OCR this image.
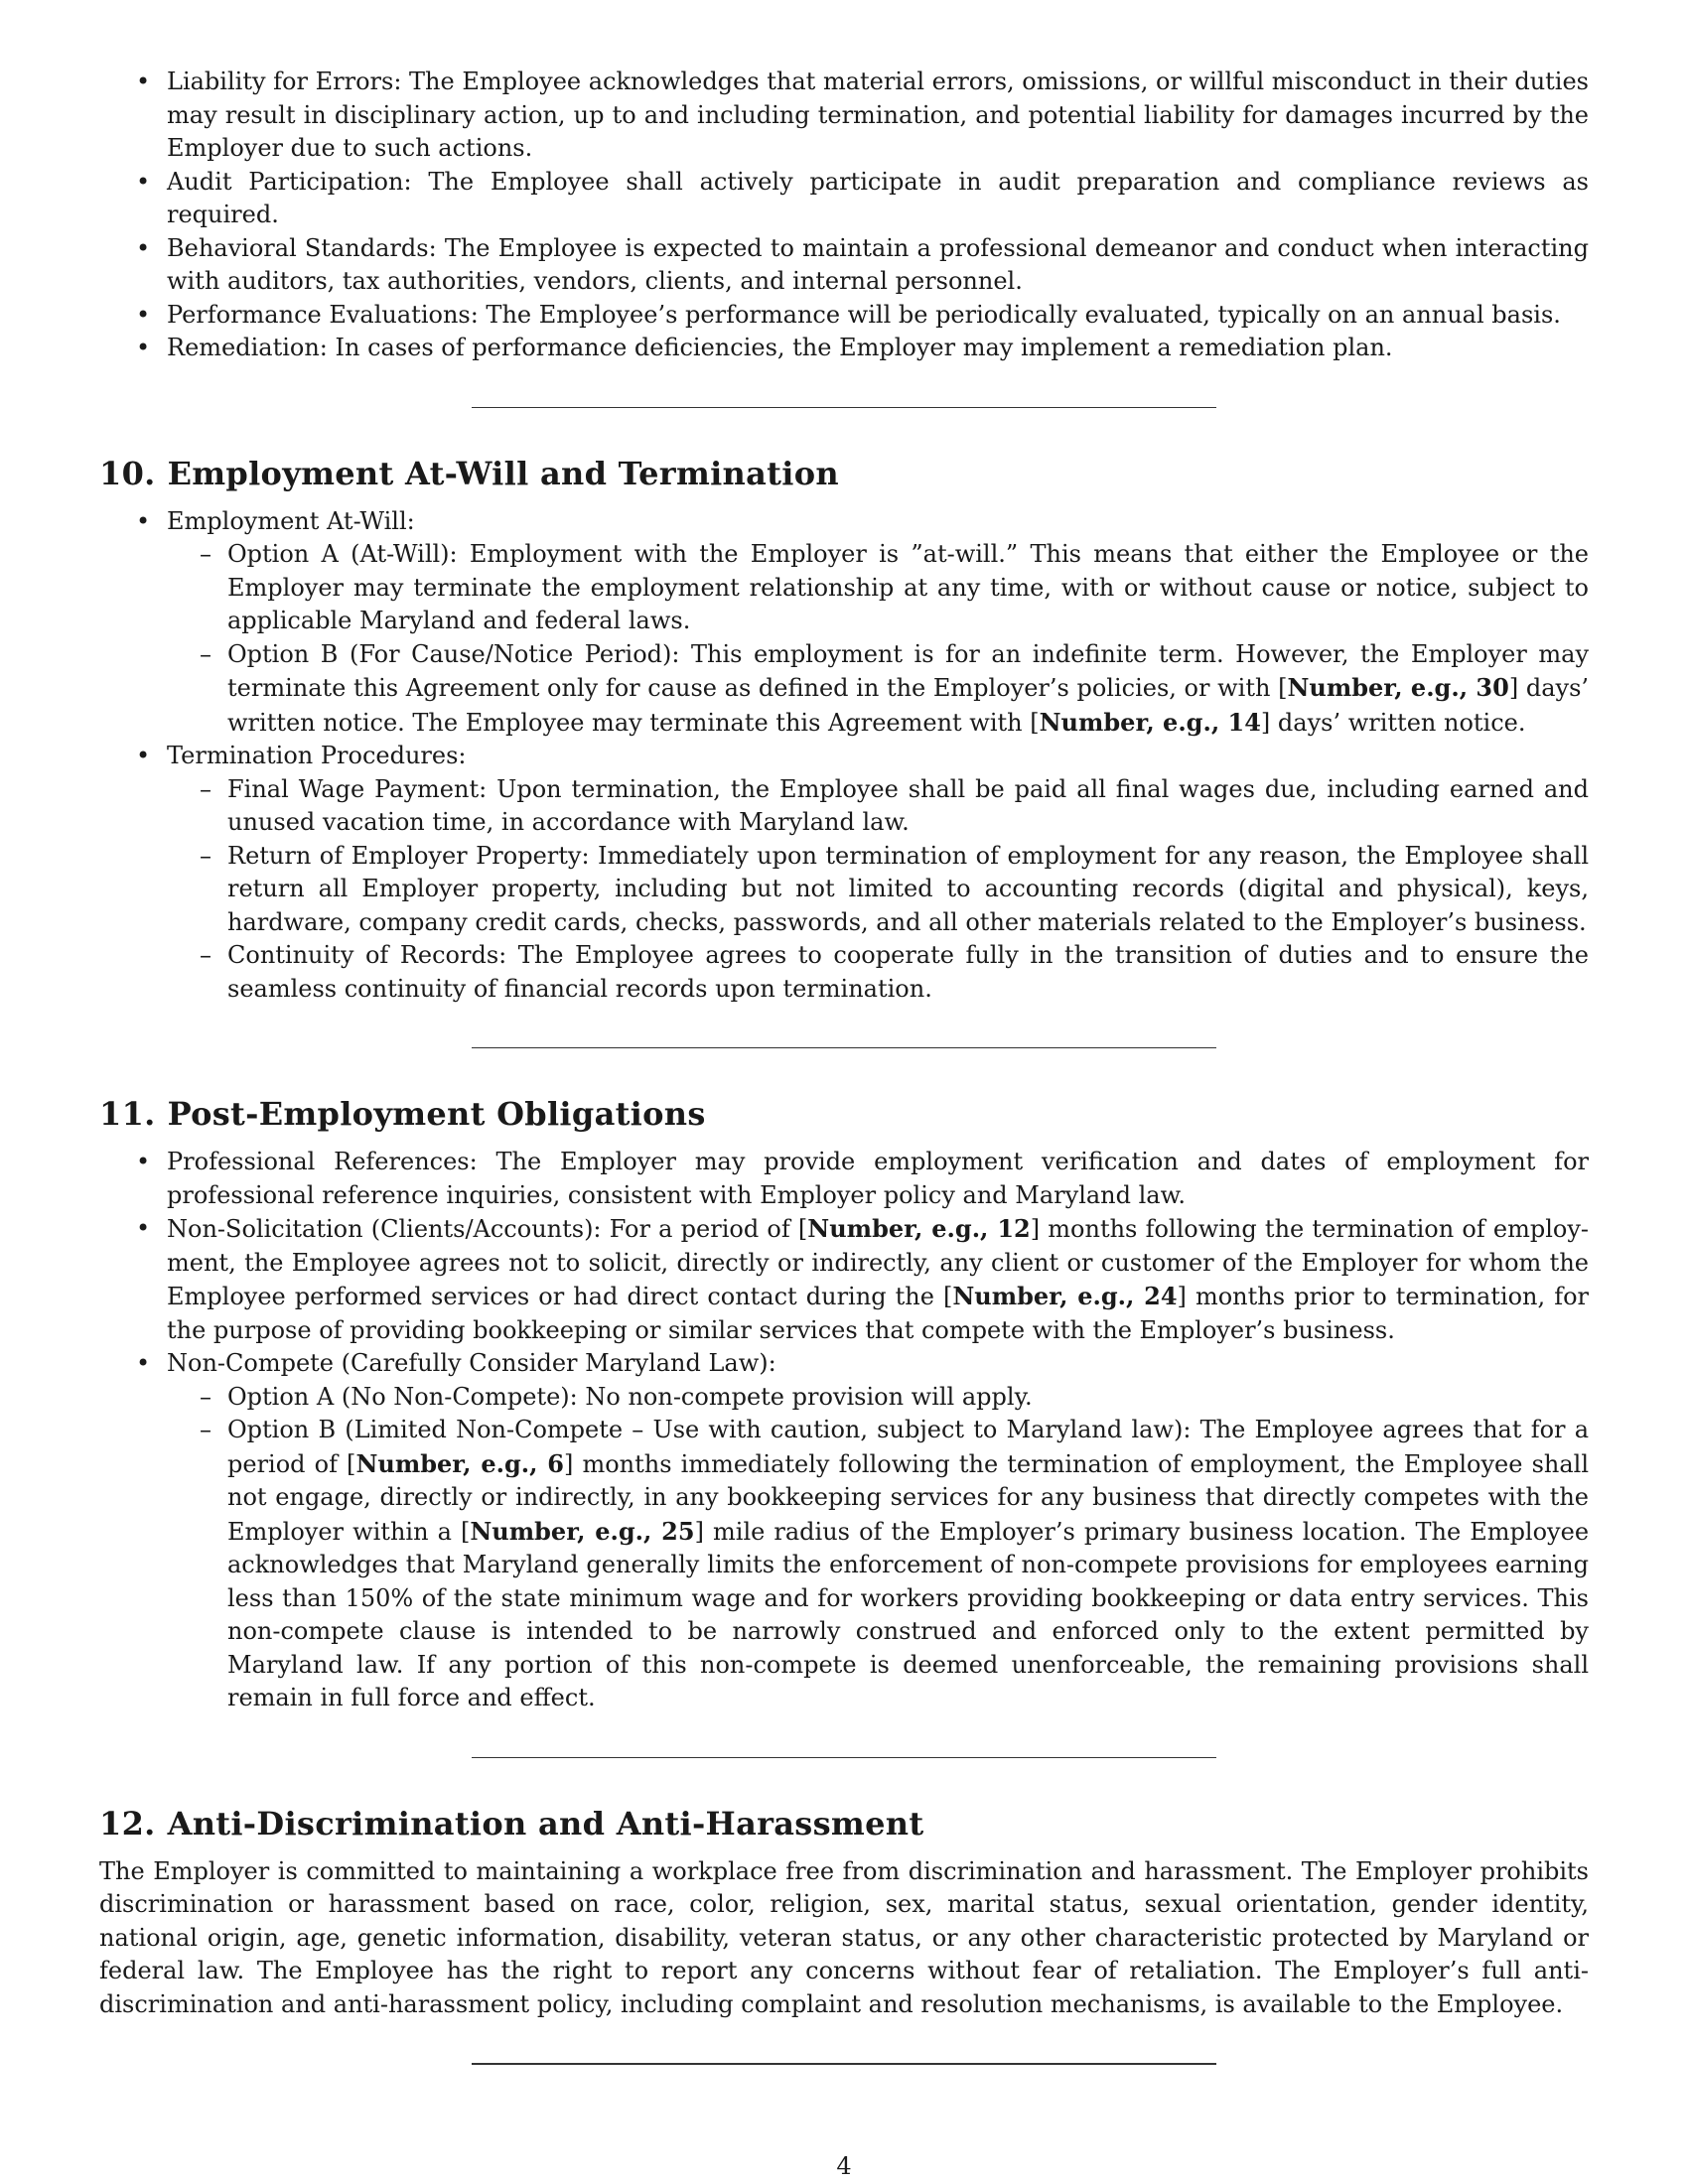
• Liability for Errors: The Employee acknowledges that material errors, omissions, or willful misconduct in their duties may result in disciplinary action, up to and including termination, and potential liability for damages incurred by the Employer due to such actions.
• Audit Participation: The Employee shall actively participate in audit preparation and compliance reviews as required.
• Behavioral Standards: The Employee is expected to maintain a professional demeanor and conduct when interacting with auditors, tax authorities, vendors, clients, and internal personnel.
• Performance Evaluations: The Employee’s performance will be periodically evaluated, typically on an annual basis.
• Remediation: In cases of performance deficiencies, the Employer may implement a remediation plan.
10. Employment At-Will and Termination
• Employment At-Will:
– Option A (At-Will): Employment with the Employer is ”at-will.” This means that either the Employee or the Employer may terminate the employment relationship at any time, with or without cause or notice, subject to applicable Maryland and federal laws.
– Option B (For Cause/Notice Period): This employment is for an indefinite term. However, the Employer may terminate this Agreement only for cause as defined in the Employer’s policies, or with [Number, e.g., 30] days’ written notice. The Employee may terminate this Agreement with [Number, e.g., 14] days’ written notice.
• Termination Procedures:
– Final Wage Payment: Upon termination, the Employee shall be paid all final wages due, including earned and unused vacation time, in accordance with Maryland law.
– Return of Employer Property: Immediately upon termination of employment for any reason, the Employee shall return all Employer property, including but not limited to accounting records (digital and physical), keys, hardware, company credit cards, checks, passwords, and all other materials related to the Employer’s business.
– Continuity of Records: The Employee agrees to cooperate fully in the transition of duties and to ensure the seamless continuity of financial records upon termination.
11. Post-Employment Obligations
• Professional References: The Employer may provide employment verification and dates of employment for professional reference inquiries, consistent with Employer policy and Maryland law.
• Non-Solicitation (Clients/Accounts): For a period of [Number, e.g., 12] months following the termination of employment, the Employee agrees not to solicit, directly or indirectly, any client or customer of the Employer for whom the Employee performed services or had direct contact during the [Number, e.g., 24] months prior to termination, for the purpose of providing bookkeeping or similar services that compete with the Employer’s business.
• Non-Compete (Carefully Consider Maryland Law):
– Option A (No Non-Compete): No non-compete provision will apply.
– Option B (Limited Non-Compete – Use with caution, subject to Maryland law): The Employee agrees that for a period of [Number, e.g., 6] months immediately following the termination of employment, the Employee shall not engage, directly or indirectly, in any bookkeeping services for any business that directly competes with the Employer within a [Number, e.g., 25] mile radius of the Employer’s primary business location. The Employee acknowledges that Maryland generally limits the enforcement of non-compete provisions for employees earning less than 150% of the state minimum wage and for workers providing bookkeeping or data entry services. This non-compete clause is intended to be narrowly construed and enforced only to the extent permitted by Maryland law. If any portion of this non-compete is deemed unenforceable, the remaining provisions shall remain in full force and effect.
12. Anti-Discrimination and Anti-Harassment

The Employer is committed to maintaining a workplace free from discrimination and harassment. The Employer prohibits discrimination or harassment based on race, color, religion, sex, marital status, sexual orientation, gender identity, national origin, age, genetic information, disability, veteran status, or any other characteristic protected by Maryland or federal law. The Employee has the right to report any concerns without fear of retaliation. The Employer’s full anti-discrimination and anti-harassment policy, including complaint and resolution mechanisms, is available to the Employee.

4
